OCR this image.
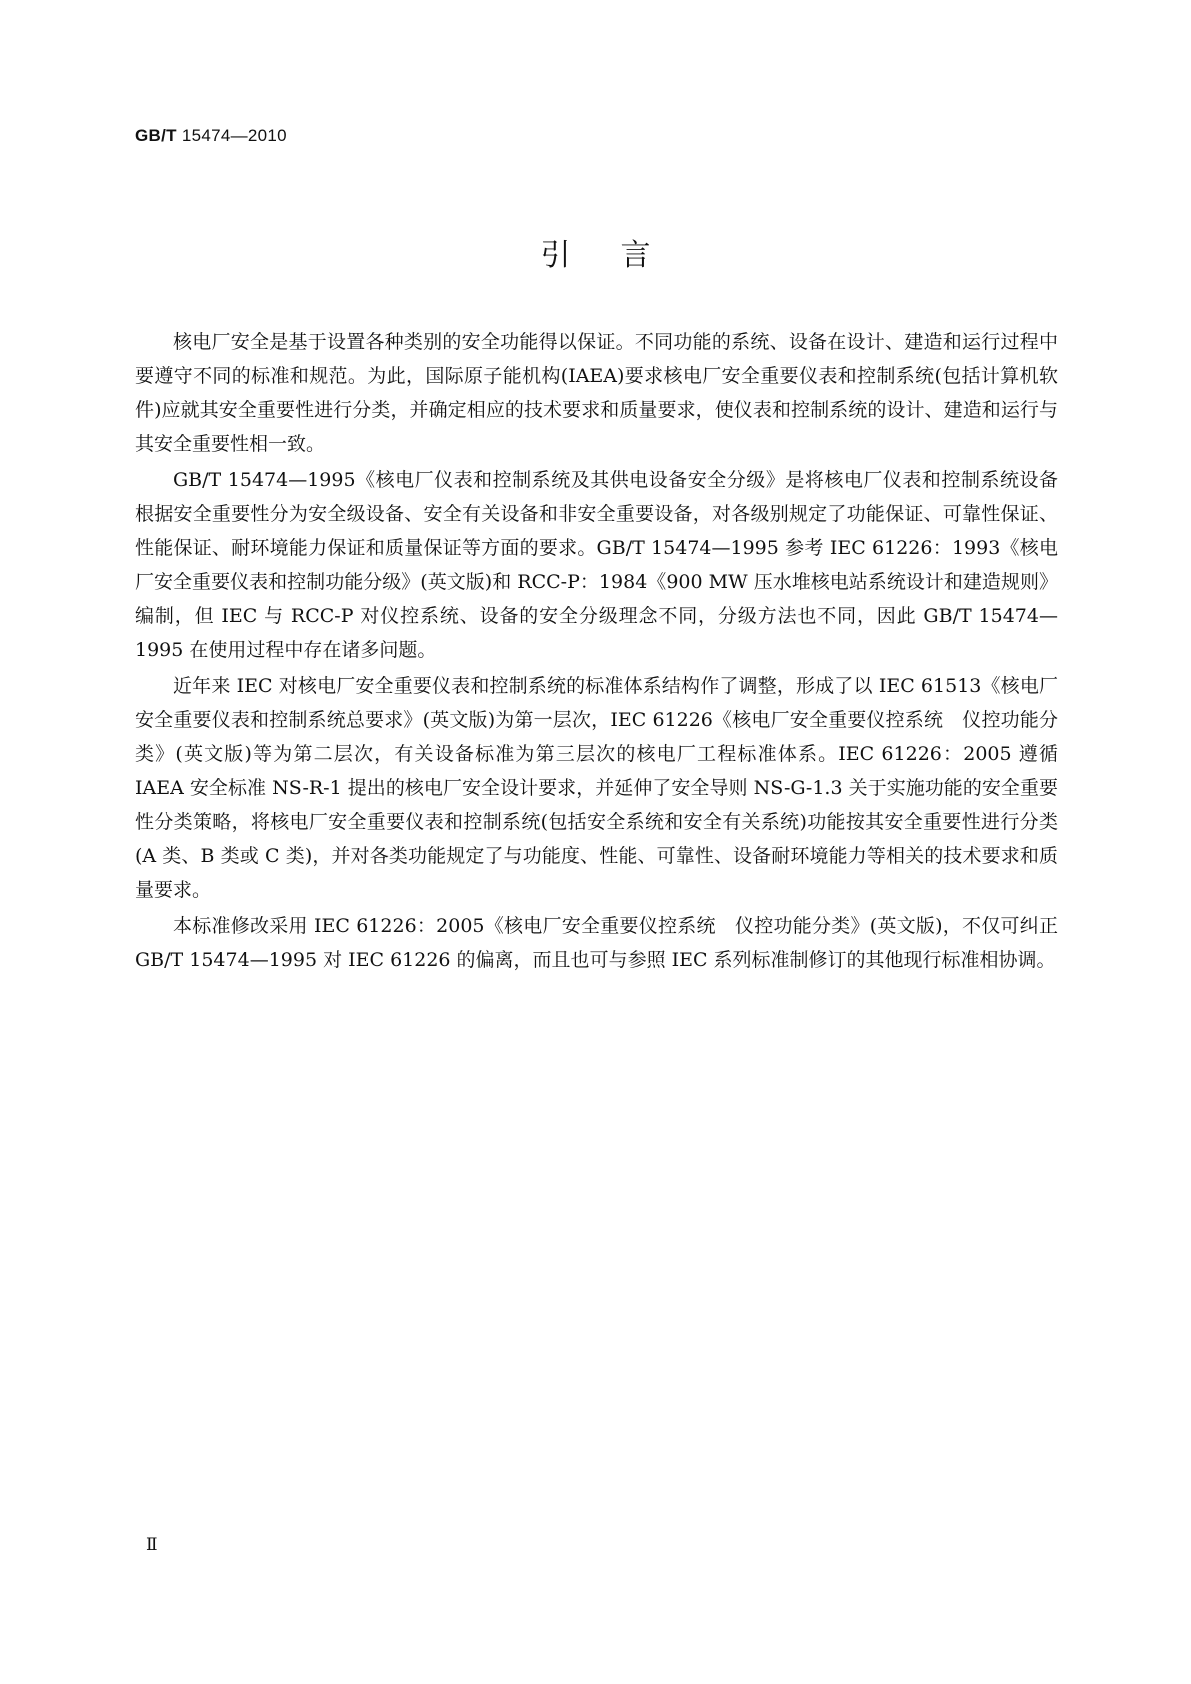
GB/T 15474—2010
引言

核电厂安全是基于设置各种类别的安全功能得以保证。不同功能的系统、设备在设计、建造和运行过程中要遵守不同的标准和规范。为此，国际原子能机构(IAEA)要求核电厂安全重要仪表和控制系统(包括计算机软件)应就其安全重要性进行分类，并确定相应的技术要求和质量要求，使仪表和控制系统的设计、建造和运行与其安全重要性相一致。

GB/T 15474—1995《核电厂仪表和控制系统及其供电设备安全分级》是将核电厂仪表和控制系统设备根据安全重要性分为安全级设备、安全有关设备和非安全重要设备，对各级别规定了功能保证、可靠性保证、性能保证、耐环境能力保证和质量保证等方面的要求。GB/T 15474—1995 参考 IEC 61226：1993《核电厂安全重要仪表和控制功能分级》(英文版)和 RCC-P：1984《900 MW 压水堆核电站系统设计和建造规则》编制，但 IEC 与 RCC-P 对仪控系统、设备的安全分级理念不同，分级方法也不同，因此 GB/T 15474—1995 在使用过程中存在诸多问题。

近年来 IEC 对核电厂安全重要仪表和控制系统的标准体系结构作了调整，形成了以 IEC 61513《核电厂安全重要仪表和控制系统总要求》(英文版)为第一层次，IEC 61226《核电厂安全重要仪控系统　仪控功能分类》(英文版)等为第二层次，有关设备标准为第三层次的核电厂工程标准体系。IEC 61226：2005 遵循 IAEA 安全标准 NS-R-1 提出的核电厂安全设计要求，并延伸了安全导则 NS-G-1.3 关于实施功能的安全重要性分类策略，将核电厂安全重要仪表和控制系统(包括安全系统和安全有关系统)功能按其安全重要性进行分类(A 类、B 类或 C 类)，并对各类功能规定了与功能度、性能、可靠性、设备耐环境能力等相关的技术要求和质量要求。

本标准修改采用 IEC 61226：2005《核电厂安全重要仪控系统　仪控功能分类》(英文版)，不仅可纠正 GB/T 15474—1995 对 IEC 61226 的偏离，而且也可与参照 IEC 系列标准制修订的其他现行标准相协调。

Ⅱ
